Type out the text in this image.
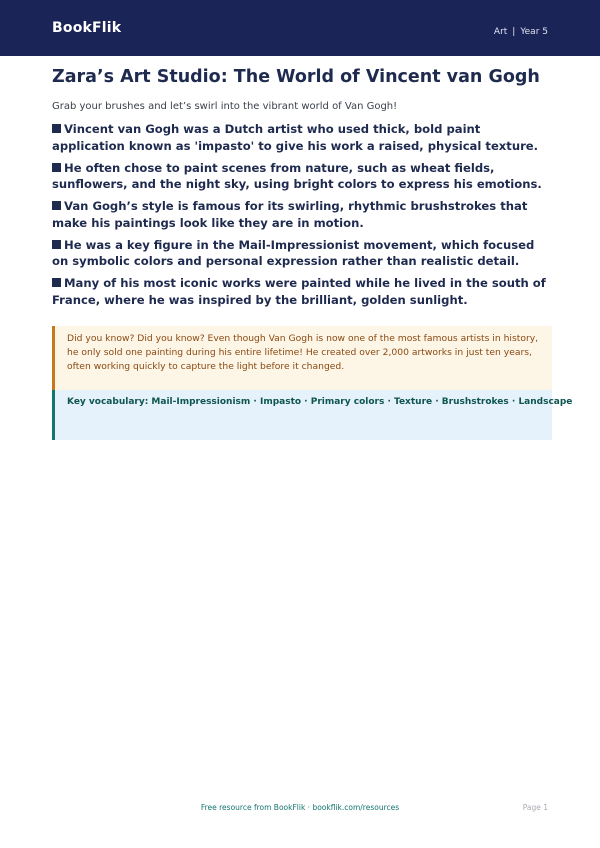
BookFlik	Art | Year 5
Zara’s Art Studio: The World of Vincent van Gogh
Grab your brushes and let’s swirl into the vibrant world of Van Gogh!
Vincent van Gogh was a Dutch artist who used thick, bold paint application known as 'impasto' to give his work a raised, physical texture.
He often chose to paint scenes from nature, such as wheat fields, sunflowers, and the night sky, using bright colors to express his emotions.
Van Gogh’s style is famous for its swirling, rhythmic brushstrokes that make his paintings look like they are in motion.
He was a key figure in the Mail-Impressionist movement, which focused on symbolic colors and personal expression rather than realistic detail.
Many of his most iconic works were painted while he lived in the south of France, where he was inspired by the brilliant, golden sunlight.
Did you know? Did you know? Even though Van Gogh is now one of the most famous artists in history, he only sold one painting during his entire lifetime! He created over 2,000 artworks in just ten years, often working quickly to capture the light before it changed.
Key vocabulary: Mail-Impressionism · Impasto · Primary colors · Texture · Brushstrokes · Landscape
Free resource from BookFlik · bookflik.com/resources	Page 1
